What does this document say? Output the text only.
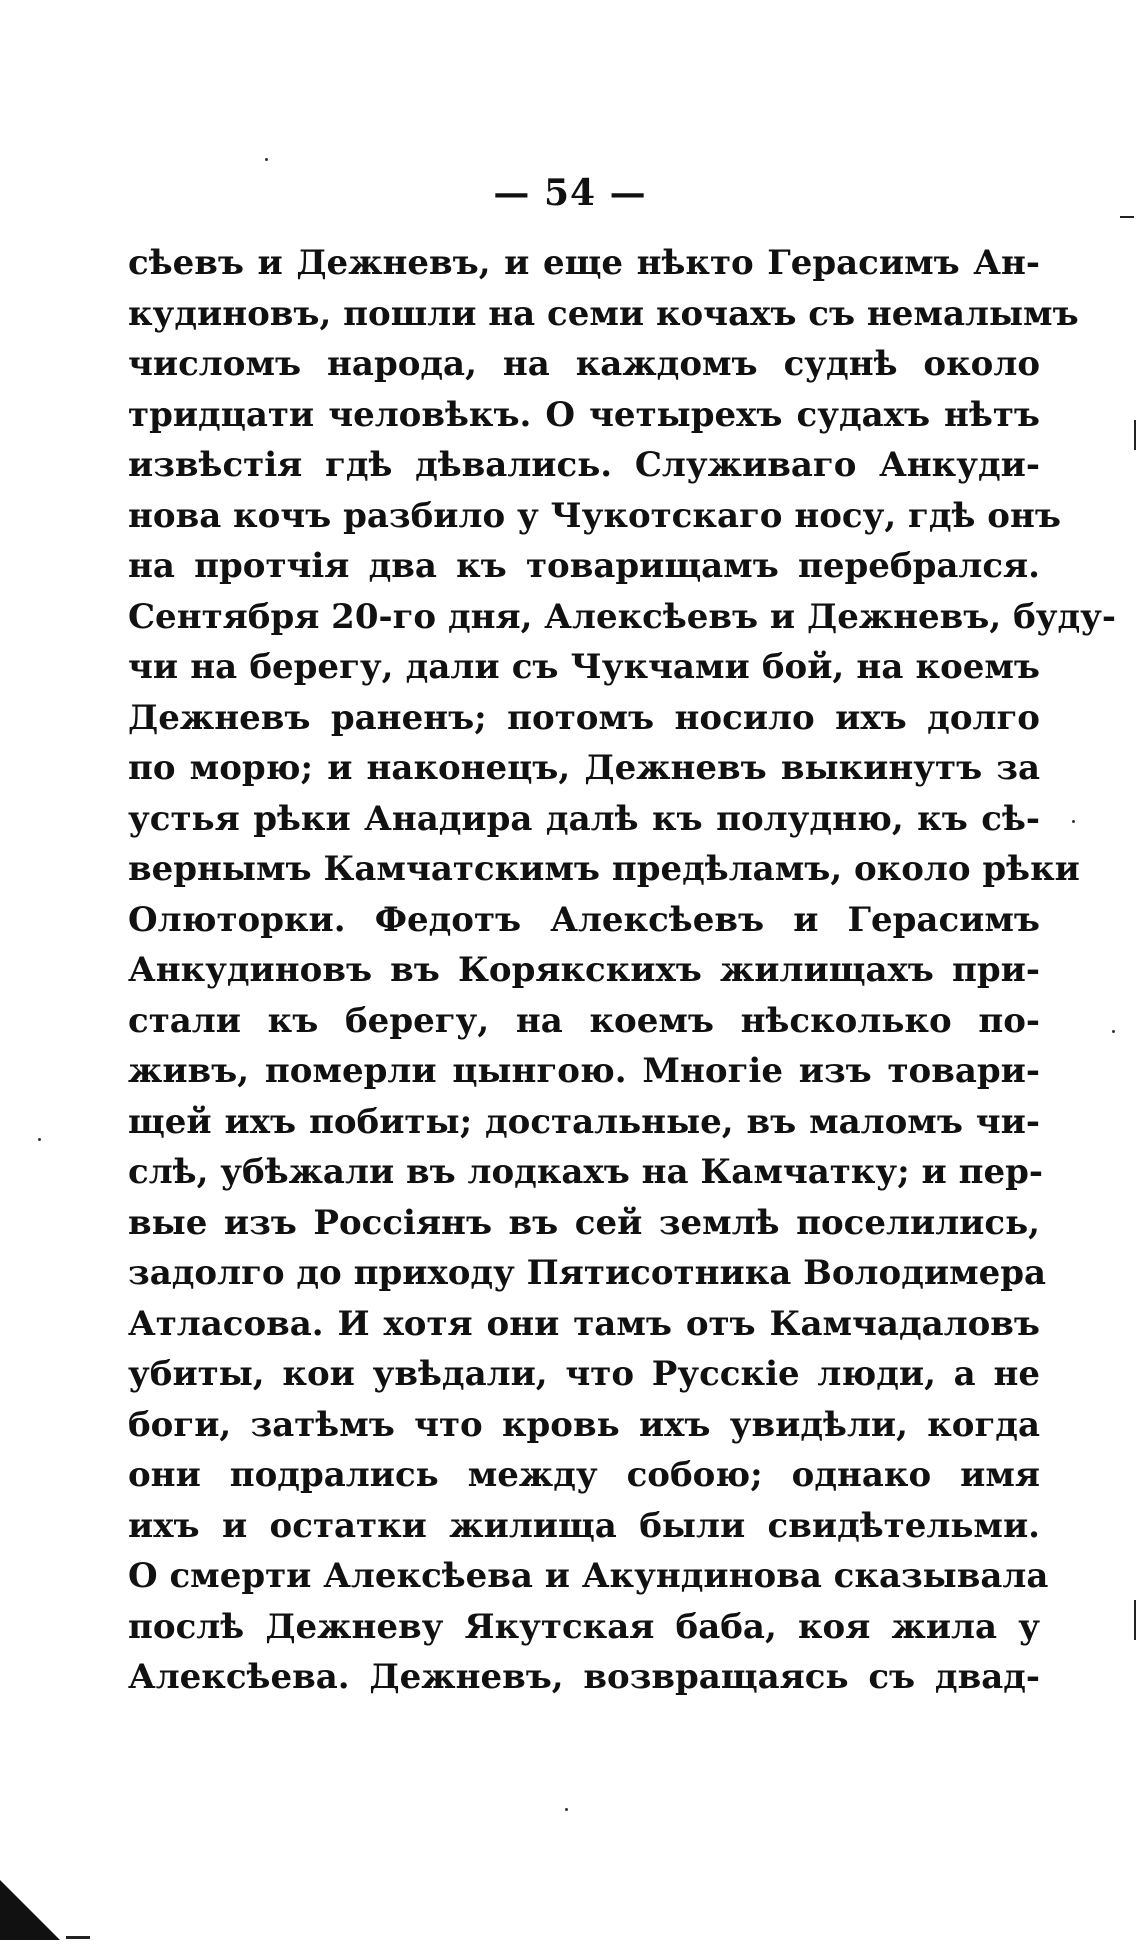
— 54 —
сѣевъ и Дежневъ, и еще нѣкто Герасимъ Ан-
кудиновъ, пошли на семи кочахъ съ немалымъ
числомъ народа, на каждомъ суднѣ около
тридцати человѣкъ. О четырехъ судахъ нѣтъ
извѣстія гдѣ дѣвались. Служиваго Анкуди-
нова кочъ разбило у Чукотскаго носу, гдѣ онъ
на протчія два къ товарищамъ перебрался.
Сентября 20-го дня, Алексѣевъ и Дежневъ, буду-
чи на берегу, дали съ Чукчами бой, на коемъ
Дежневъ раненъ; потомъ носило ихъ долго
по морю; и наконецъ, Дежневъ выкинутъ за
устья рѣки Анадира далѣ къ полудню, къ сѣ-
вернымъ Камчатскимъ предѣламъ, около рѣки
Олюторки. Федотъ Алексѣевъ и Герасимъ
Анкудиновъ въ Корякскихъ жилищахъ при-
стали къ берегу, на коемъ нѣсколько по-
живъ, померли цынгою. Многіе изъ товари-
щей ихъ побиты; достальные, въ маломъ чи-
слѣ, убѣжали въ лодкахъ на Камчатку; и пер-
вые изъ Россіянъ въ сей землѣ поселились,
задолго до приходу Пятисотника Володимера
Атласова. И хотя они тамъ отъ Камчадаловъ
убиты, кои увѣдали, что Русскіе люди, а не
боги, затѣмъ что кровь ихъ увидѣли, когда
они подрались между собою; однако имя
ихъ и остатки жилища были свидѣтельми.
О смерти Алексѣева и Акундинова сказывала
послѣ Дежневу Якутская баба, коя жила у
Алексѣева. Дежневъ, возвращаясь съ двад-
